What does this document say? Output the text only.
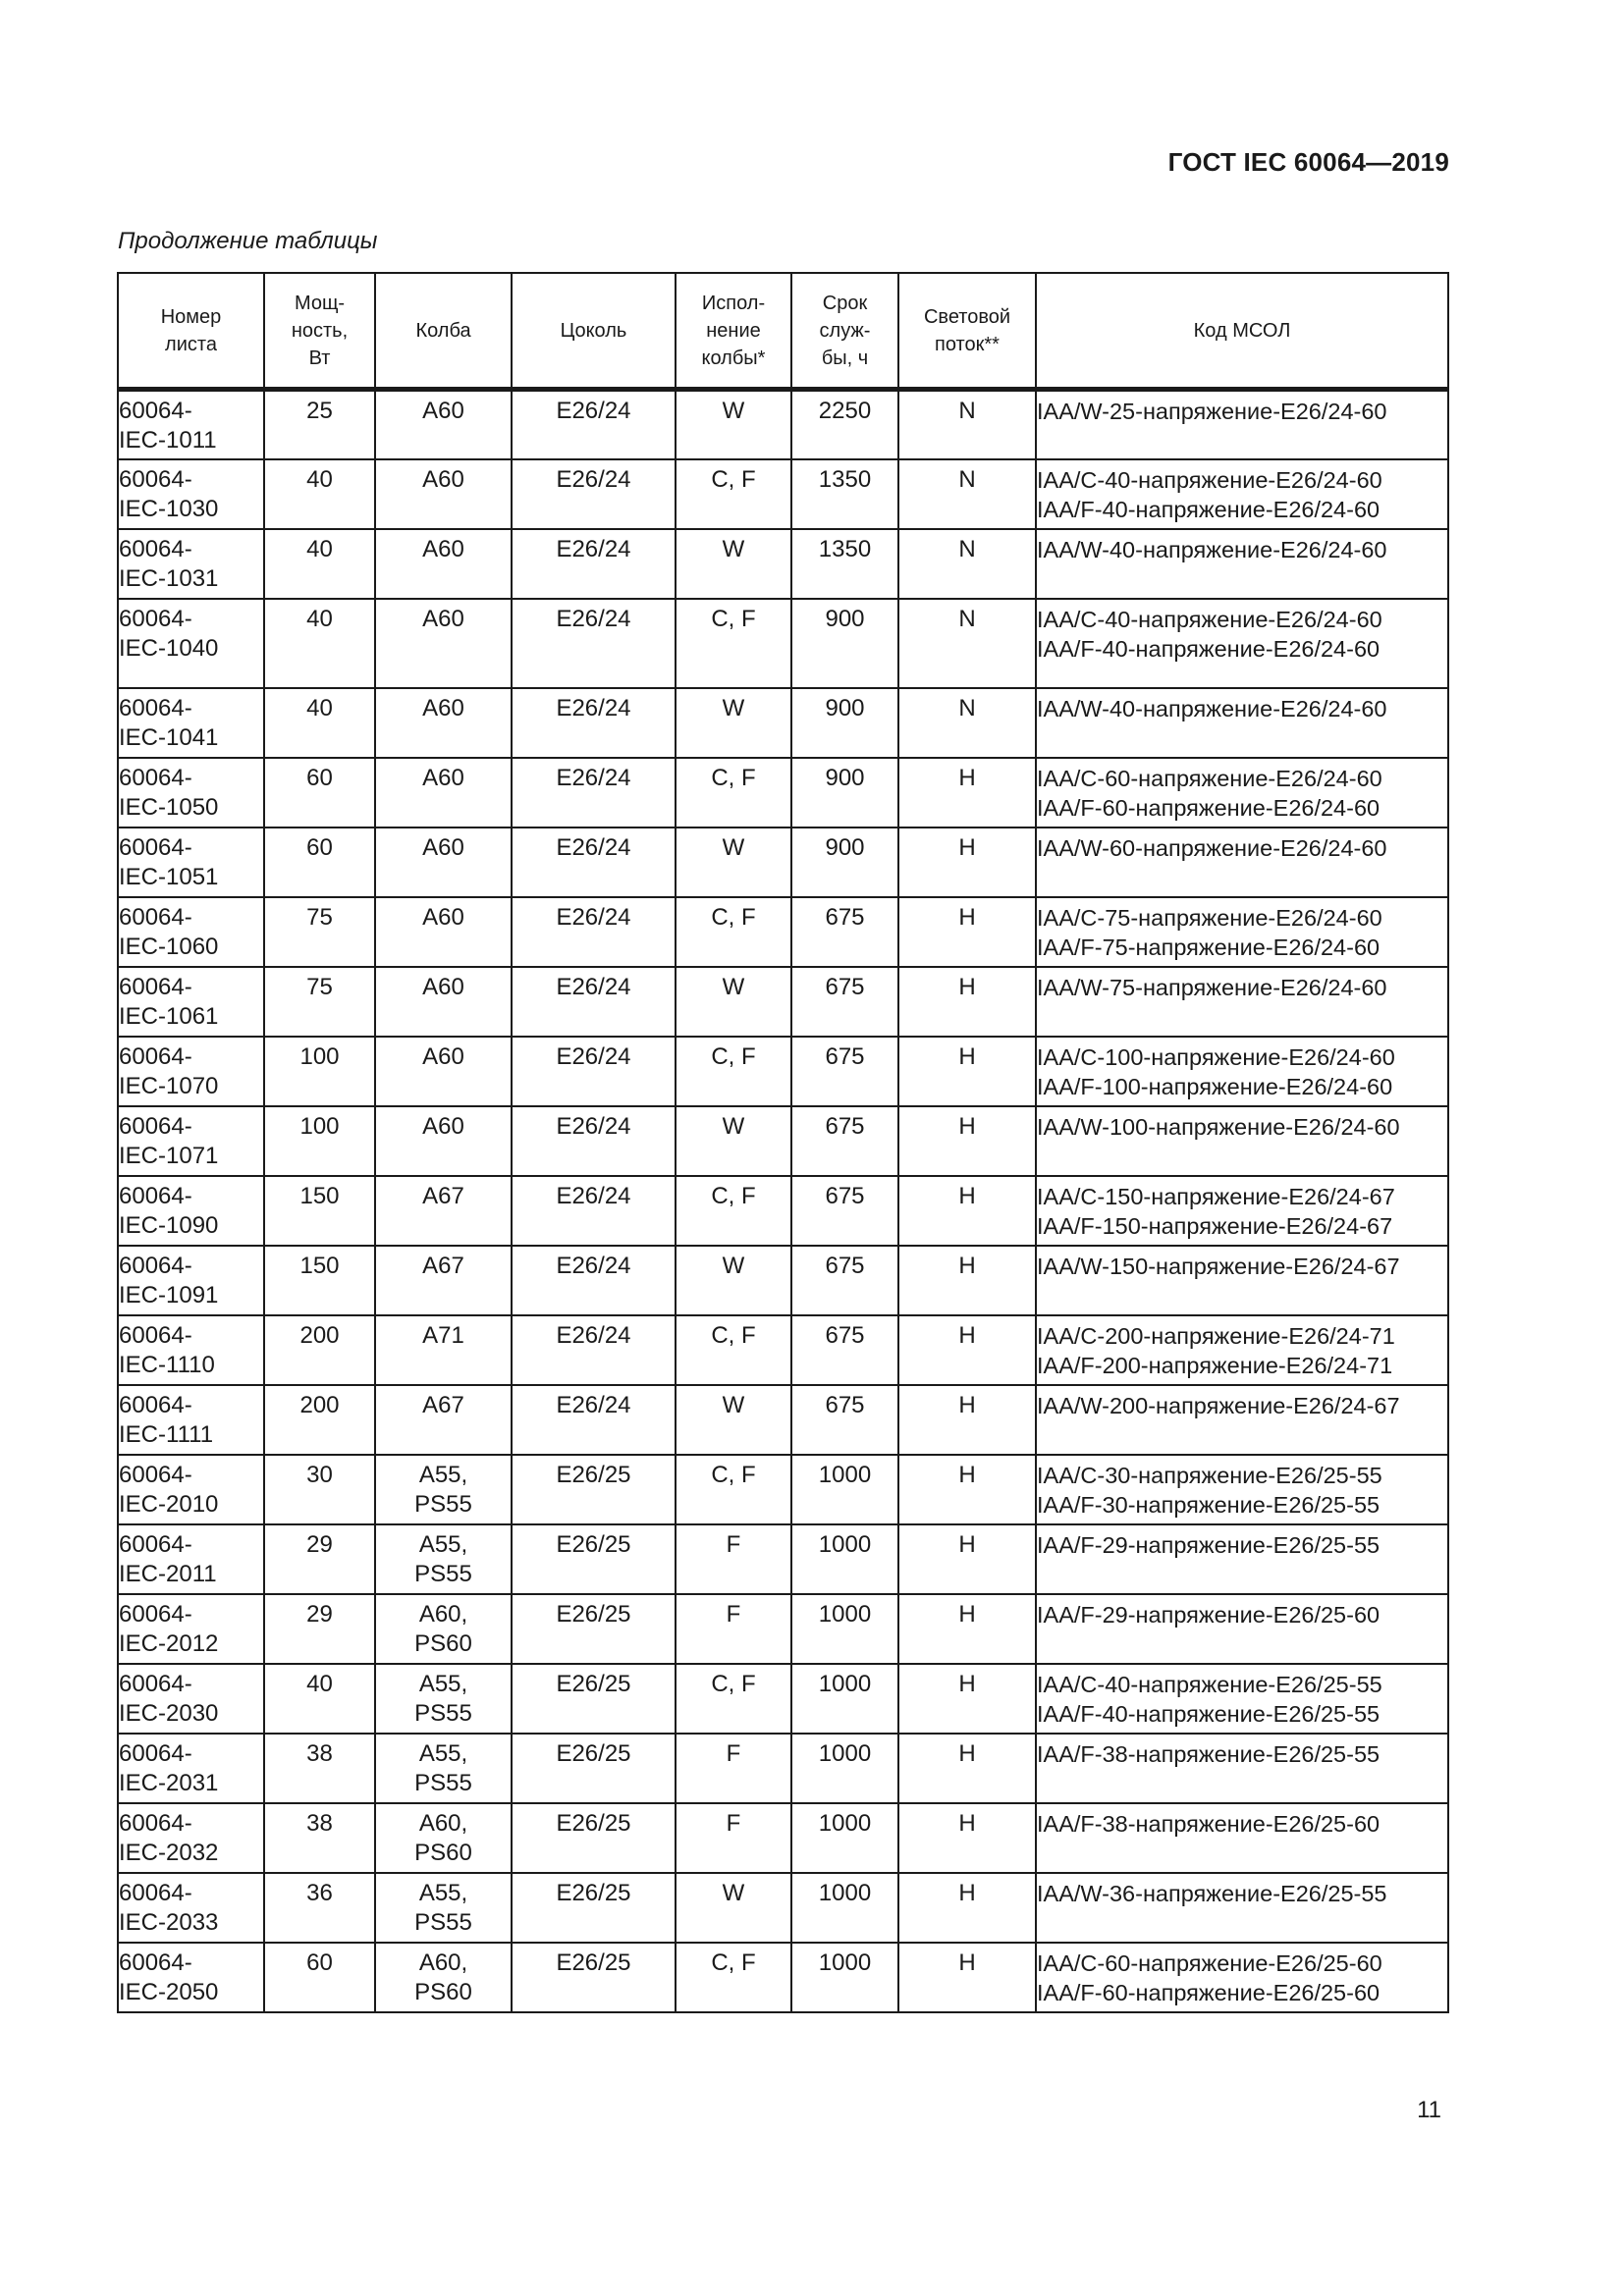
ГОСТ IEC 60064—2019
Продолжение таблицы
Номер
листа	Мощ-
ность,
Вт	Колба	Цоколь	Испол-
нение
колбы*	Срок
служ-
бы, ч	Световой
поток**	Код МСОЛ
60064-
IEC-1011	25	A60	E26/24	W	2250	N	IAA/W-25-напряжение-E26/24-60
60064-
IEC-1030	40	A60	E26/24	C, F	1350	N	IAA/C-40-напряжение-E26/24-60
IAA/F-40-напряжение-E26/24-60
60064-
IEC-1031	40	A60	E26/24	W	1350	N	IAA/W-40-напряжение-E26/24-60
60064-
IEC-1040	40	A60	E26/24	C, F	900	N	IAA/C-40-напряжение-E26/24-60
IAA/F-40-напряжение-E26/24-60
60064-
IEC-1041	40	A60	E26/24	W	900	N	IAA/W-40-напряжение-E26/24-60
60064-
IEC-1050	60	A60	E26/24	C, F	900	H	IAA/C-60-напряжение-E26/24-60
IAA/F-60-напряжение-E26/24-60
60064-
IEC-1051	60	A60	E26/24	W	900	H	IAA/W-60-напряжение-E26/24-60
60064-
IEC-1060	75	A60	E26/24	C, F	675	H	IAA/C-75-напряжение-E26/24-60
IAA/F-75-напряжение-E26/24-60
60064-
IEC-1061	75	A60	E26/24	W	675	H	IAA/W-75-напряжение-E26/24-60
60064-
IEC-1070	100	A60	E26/24	C, F	675	H	IAA/C-100-напряжение-E26/24-60
IAA/F-100-напряжение-E26/24-60
60064-
IEC-1071	100	A60	E26/24	W	675	H	IAA/W-100-напряжение-E26/24-60
60064-
IEC-1090	150	A67	E26/24	C, F	675	H	IAA/C-150-напряжение-E26/24-67
IAA/F-150-напряжение-E26/24-67
60064-
IEC-1091	150	A67	E26/24	W	675	H	IAA/W-150-напряжение-E26/24-67
60064-
IEC-1110	200	A71	E26/24	C, F	675	H	IAA/C-200-напряжение-E26/24-71
IAA/F-200-напряжение-E26/24-71
60064-
IEC-1111	200	A67	E26/24	W	675	H	IAA/W-200-напряжение-E26/24-67
60064-
IEC-2010	30	A55,
PS55	E26/25	C, F	1000	H	IAA/C-30-напряжение-E26/25-55
IAA/F-30-напряжение-E26/25-55
60064-
IEC-2011	29	A55,
PS55	E26/25	F	1000	H	IAA/F-29-напряжение-E26/25-55
60064-
IEC-2012	29	A60,
PS60	E26/25	F	1000	H	IAA/F-29-напряжение-E26/25-60
60064-
IEC-2030	40	A55,
PS55	E26/25	C, F	1000	H	IAA/C-40-напряжение-E26/25-55
IAA/F-40-напряжение-E26/25-55
60064-
IEC-2031	38	A55,
PS55	E26/25	F	1000	H	IAA/F-38-напряжение-E26/25-55
60064-
IEC-2032	38	A60,
PS60	E26/25	F	1000	H	IAA/F-38-напряжение-E26/25-60
60064-
IEC-2033	36	A55,
PS55	E26/25	W	1000	H	IAA/W-36-напряжение-E26/25-55
60064-
IEC-2050	60	A60,
PS60	E26/25	C, F	1000	H	IAA/C-60-напряжение-E26/25-60
IAA/F-60-напряжение-E26/25-60
11
